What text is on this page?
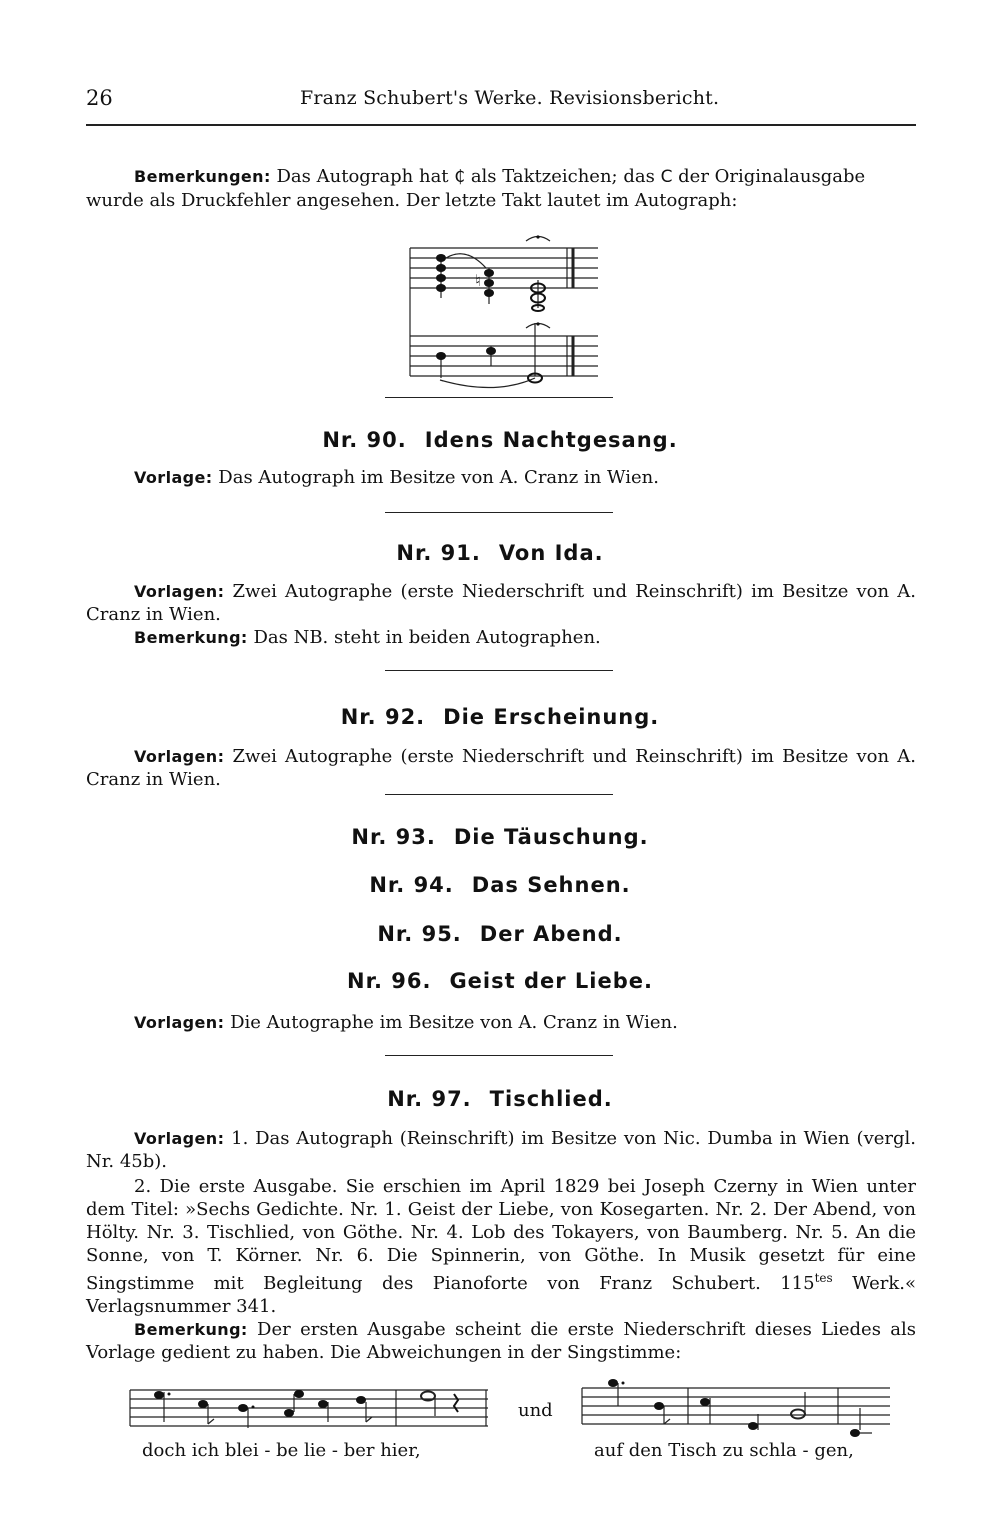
26	Franz Schubert's Werke. Revisionsbericht.
Bemerkungen: Das Autograph hat ₵ als Taktzeichen; das C der Originalausgabe wurde als Druckfehler angesehen. Der letzte Takt lautet im Autograph:
♮
Nr. 90. Idens Nachtgesang.
Vorlage: Das Autograph im Besitze von A. Cranz in Wien.
Nr. 91. Von Ida.
Vorlagen: Zwei Autographe (erste Niederschrift und Reinschrift) im Besitze von A. Cranz in Wien.
Bemerkung: Das NB. steht in beiden Autographen.
Nr. 92. Die Erscheinung.
Vorlagen: Zwei Autographe (erste Niederschrift und Reinschrift) im Besitze von A. Cranz in Wien.
Nr. 93. Die Täuschung.
Nr. 94. Das Sehnen.
Nr. 95. Der Abend.
Nr. 96. Geist der Liebe.
Vorlagen: Die Autographe im Besitze von A. Cranz in Wien.
Nr. 97. Tischlied.
Vorlagen: 1. Das Autograph (Reinschrift) im Besitze von Nic. Dumba in Wien (vergl. Nr. 45b).
2. Die erste Ausgabe. Sie erschien im April 1829 bei Joseph Czerny in Wien unter dem Titel: »Sechs Gedichte. Nr. 1. Geist der Liebe, von Kosegarten. Nr. 2. Der Abend, von Hölty. Nr. 3. Tischlied, von Göthe. Nr. 4. Lob des Tokayers, von Baumberg. Nr. 5. An die Sonne, von T. Körner. Nr. 6. Die Spinnerin, von Göthe. In Musik gesetzt für eine Singstimme mit Begleitung des Pianoforte von Franz Schubert. $115^{tes}$ Werk.« Verlagsnummer 341.
Bemerkung: Der ersten Ausgabe scheint die erste Niederschrift dieses Liedes als Vorlage gedient zu haben. Die Abweichungen in der Singstimme:
doch ich blei - be lie - ber hier,
und
auf den Tisch zu schla - gen,
